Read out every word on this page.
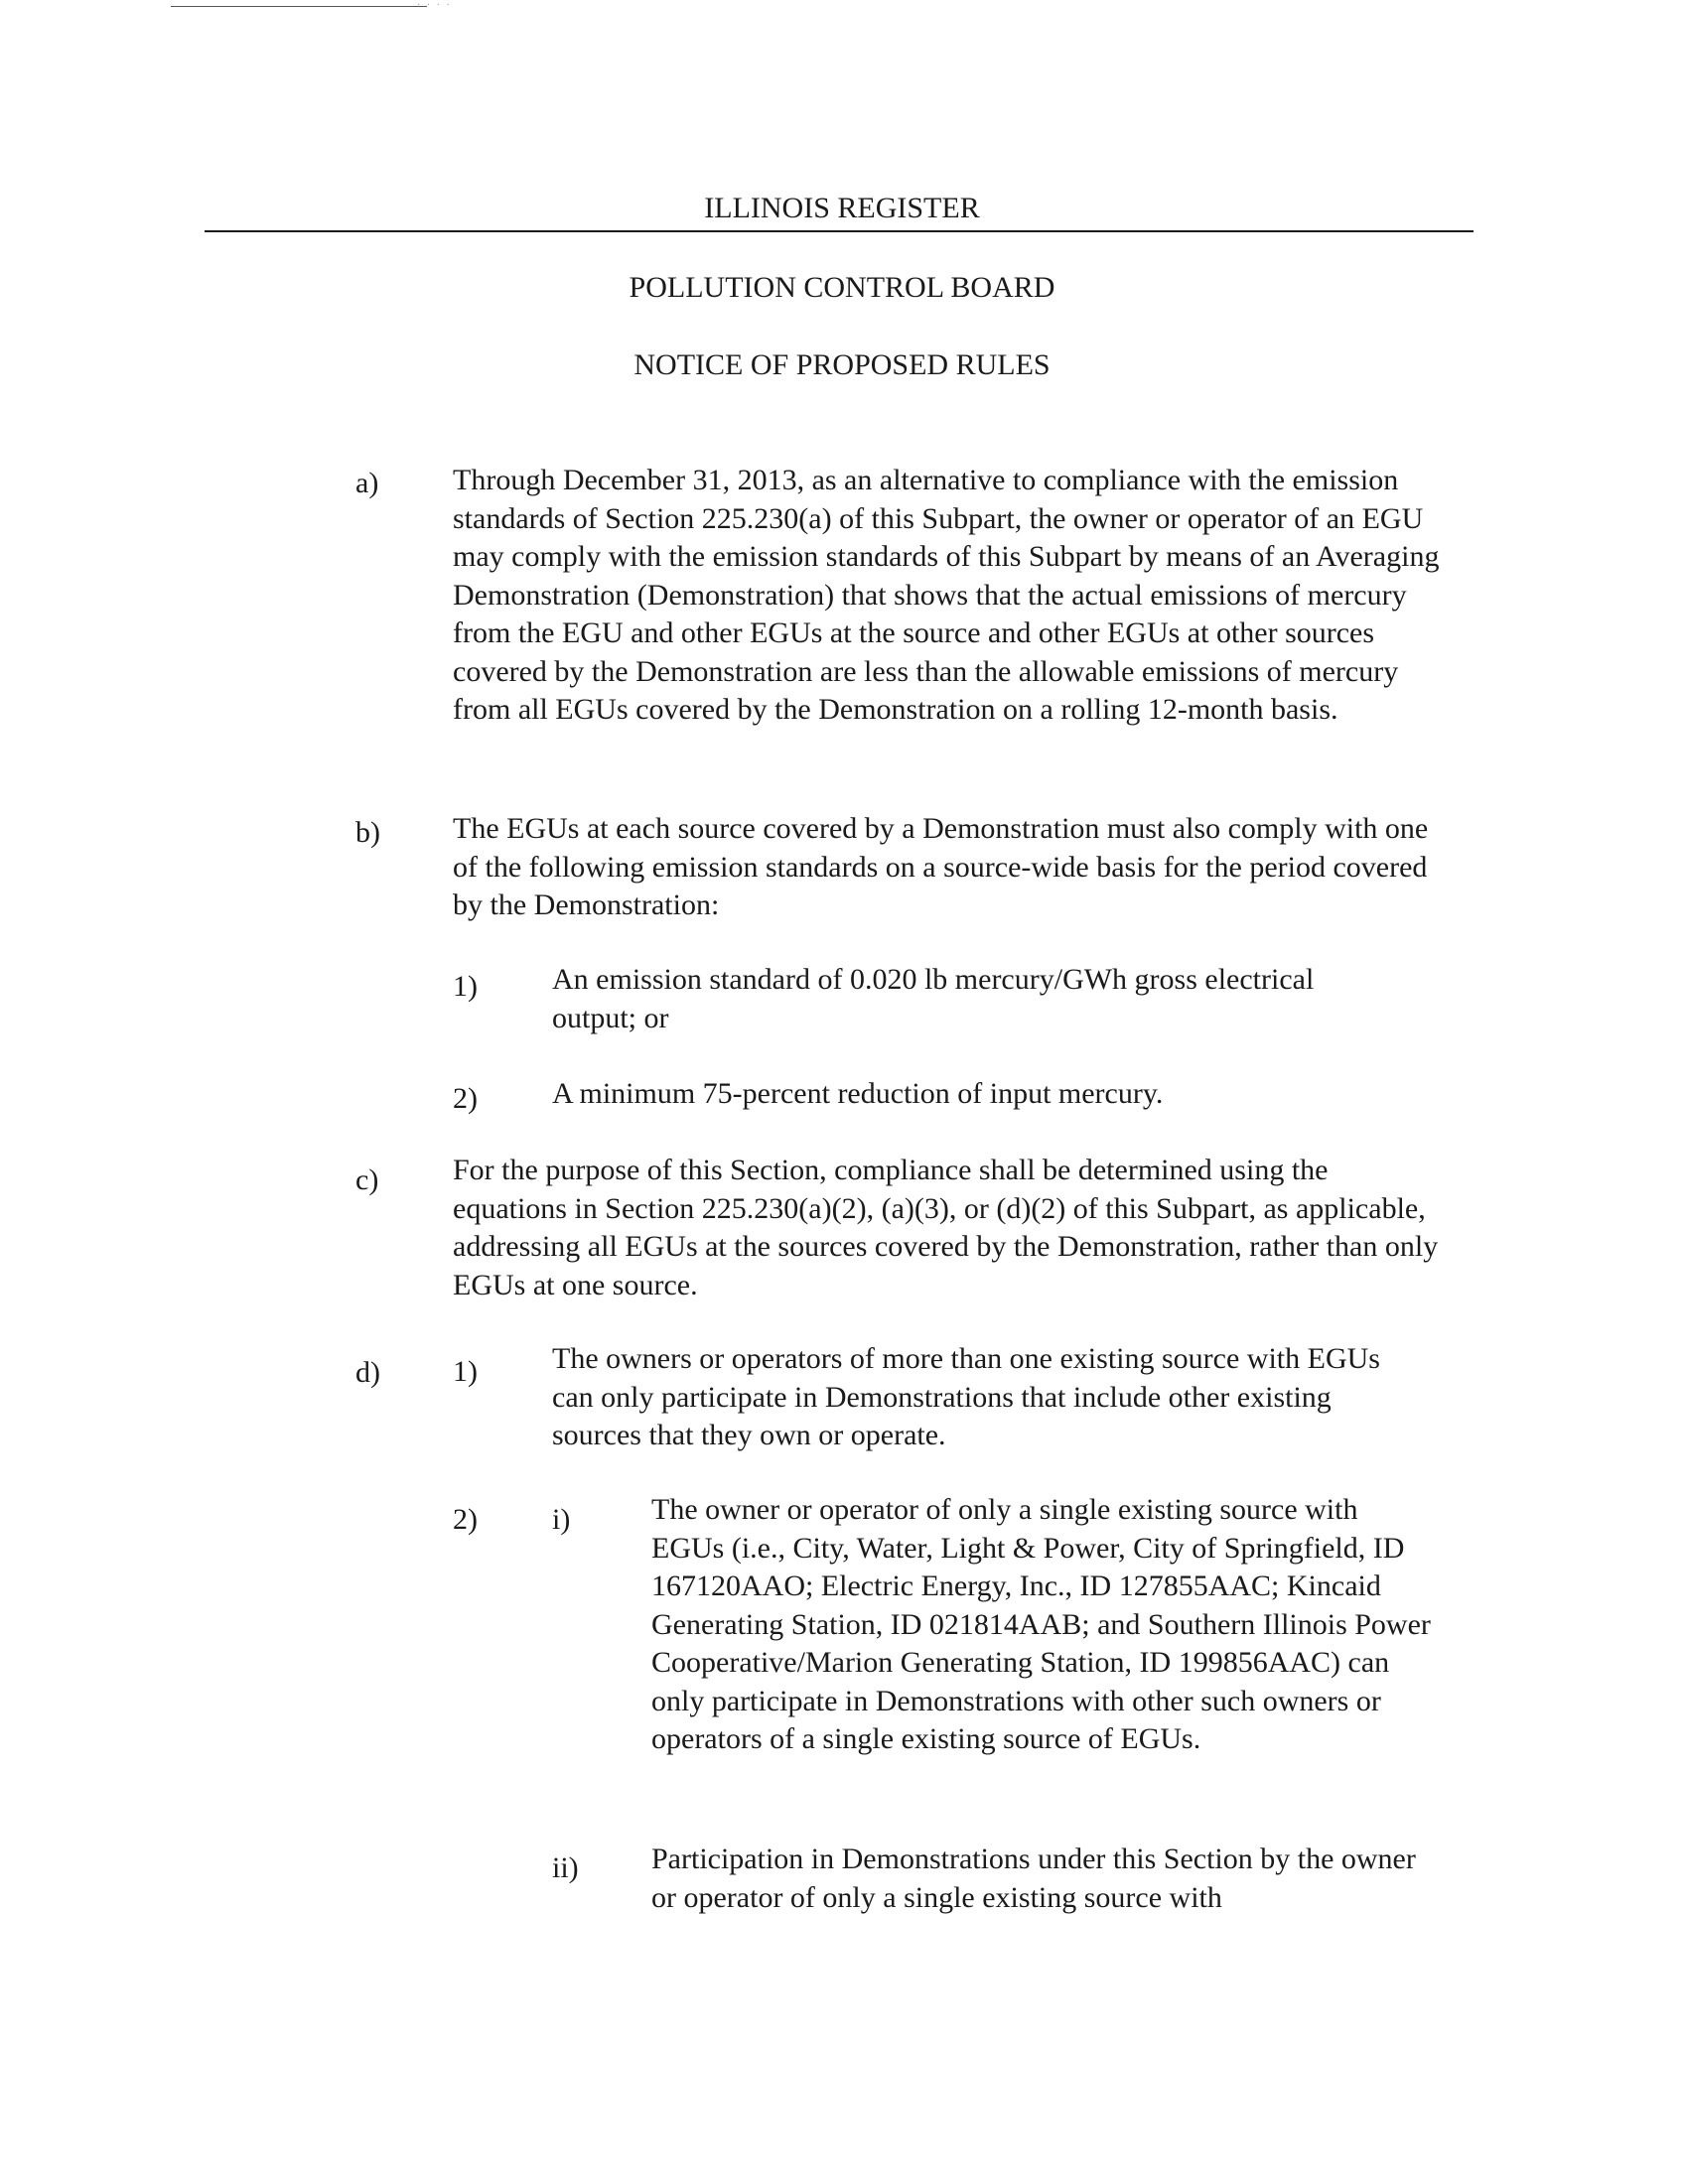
· · · ·
ILLINOIS REGISTER
POLLUTION CONTROL BOARD
NOTICE OF PROPOSED RULES
a) Through December 31, 2013, as an alternative to compliance with the emission standards of Section 225.230(a) of this Subpart, the owner or operator of an EGU may comply with the emission standards of this Subpart by means of an Averaging Demonstration (Demonstration) that shows that the actual emissions of mercury from the EGU and other EGUs at the source and other EGUs at other sources covered by the Demonstration are less than the allowable emissions of mercury from all EGUs covered by the Demonstration on a rolling 12-month basis.

b) The EGUs at each source covered by a Demonstration must also comply with one of the following emission standards on a source-wide basis for the period covered by the Demonstration:

1)	An emission standard of 0.020 lb mercury/GWh gross electrical output; or

2)	A minimum 75-percent reduction of input mercury.

c) For the purpose of this Section, compliance shall be determined using the equations in Section 225.230(a)(2), (a)(3), or (d)(2) of this Subpart, as applicable, addressing all EGUs at the sources covered by the Demonstration, rather than only EGUs at one source.

d) 1)	The owners or operators of more than one existing source with EGUs can only participate in Demonstrations that include other existing sources that they own or operate.

2)	i)	The owner or operator of only a single existing source with EGUs (i.e., City, Water, Light & Power, City of Springfield, ID 167120AAO; Electric Energy, Inc., ID 127855AAC; Kincaid Generating Station, ID 021814AAB; and Southern Illinois Power Cooperative/Marion Generating Station, ID 199856AAC) can only participate in Demonstrations with other such owners or operators of a single existing source of EGUs.

ii) Participation in Demonstrations under this Section by the owner or operator of only a single existing source with
